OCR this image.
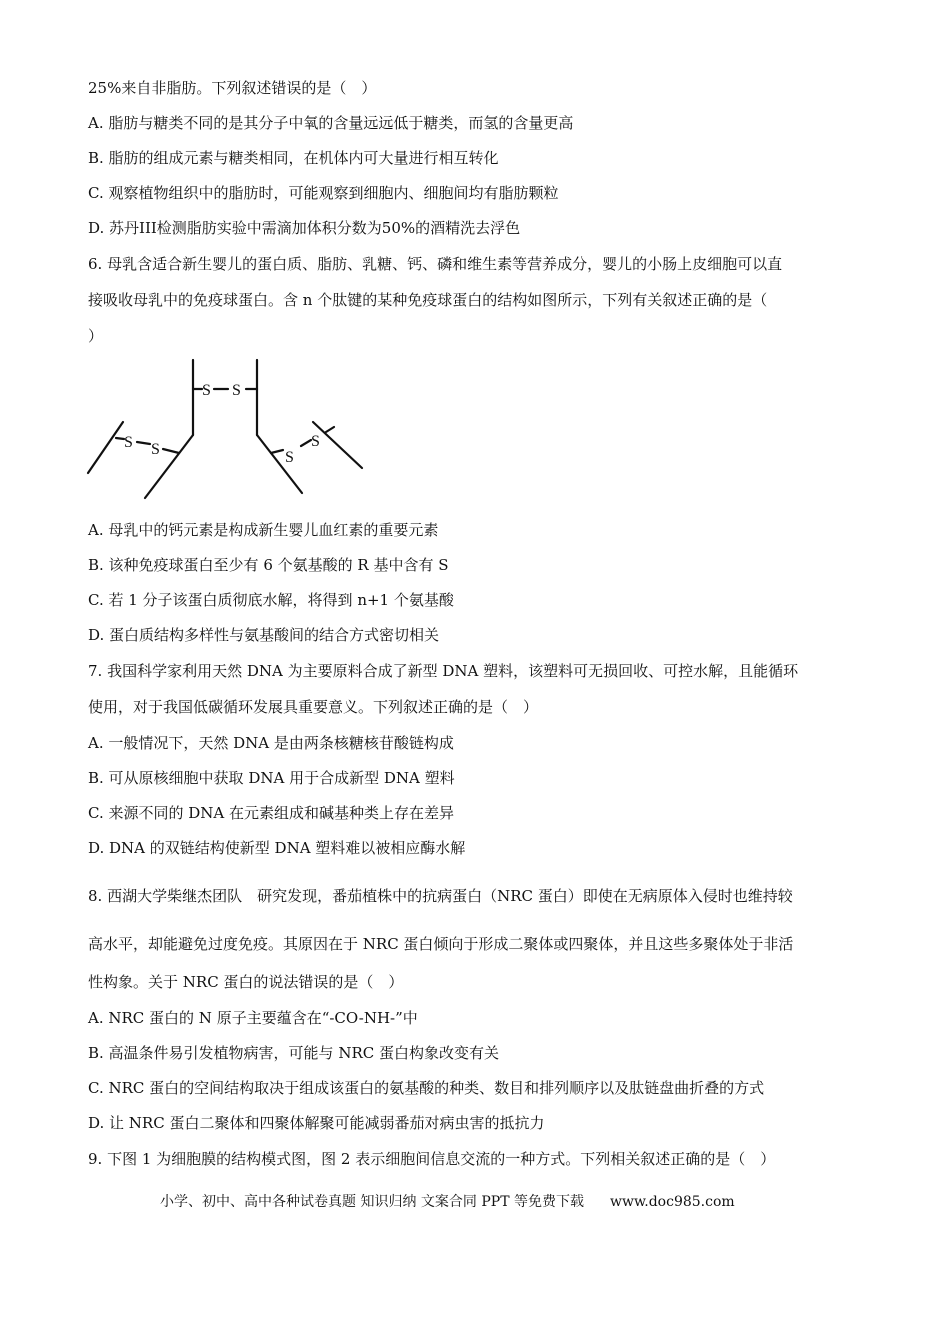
25%来自非脂肪。下列叙述错误的是（　）
A. 脂肪与糖类不同的是其分子中氧的含量远远低于糖类，而氢的含量更高
B. 脂肪的组成元素与糖类相同，在机体内可大量进行相互转化
C. 观察植物组织中的脂肪时，可能观察到细胞内、细胞间均有脂肪颗粒
D. 苏丹III检测脂肪实验中需滴加体积分数为50%的酒精洗去浮色
6. 母乳含适合新生婴儿的蛋白质、脂肪、乳糖、钙、磷和维生素等营养成分，婴儿的小肠上皮细胞可以直
接吸收母乳中的免疫球蛋白。含 n 个肽键的某种免疫球蛋白的结构如图所示，下列有关叙述正确的是（
）
S S
S S	S
S
A. 母乳中的钙元素是构成新生婴儿血红素的重要元素
B. 该种免疫球蛋白至少有 6 个氨基酸的 R 基中含有 S
C. 若 1 分子该蛋白质彻底水解，将得到 n+1 个氨基酸
D. 蛋白质结构多样性与氨基酸间的结合方式密切相关
7. 我国科学家利用天然 DNA 为主要原料合成了新型 DNA 塑料，该塑料可无损回收、可控水解，且能循环
使用，对于我国低碳循环发展具重要意义。下列叙述正确的是（　）
A. 一般情况下，天然 DNA 是由两条核糖核苷酸链构成
B. 可从原核细胞中获取 DNA 用于合成新型 DNA 塑料
C. 来源不同的 DNA 在元素组成和碱基种类上存在差异
D. DNA 的双链结构使新型 DNA 塑料难以被相应酶水解
8. 西湖大学柴继杰团队　研究发现，番茄植株中的抗病蛋白（NRC 蛋白）即使在无病原体入侵时也维持较
高水平，却能避免过度免疫。其原因在于 NRC 蛋白倾向于形成二聚体或四聚体，并且这些多聚体处于非活
性构象。关于 NRC 蛋白的说法错误的是（　）
A. NRC 蛋白的 N 原子主要蕴含在“-CO-NH-”中
B. 高温条件易引发植物病害，可能与 NRC 蛋白构象改变有关
C. NRC 蛋白的空间结构取决于组成该蛋白的氨基酸的种类、数目和排列顺序以及肽链盘曲折叠的方式
D. 让 NRC 蛋白二聚体和四聚体解聚可能减弱番茄对病虫害的抵抗力
9. 下图 1 为细胞膜的结构模式图，图 2 表示细胞间信息交流的一种方式。下列相关叙述正确的是（　）
小学、初中、高中各种试卷真题 知识归纳 文案合同 PPT 等免费下载 www.doc985.com
